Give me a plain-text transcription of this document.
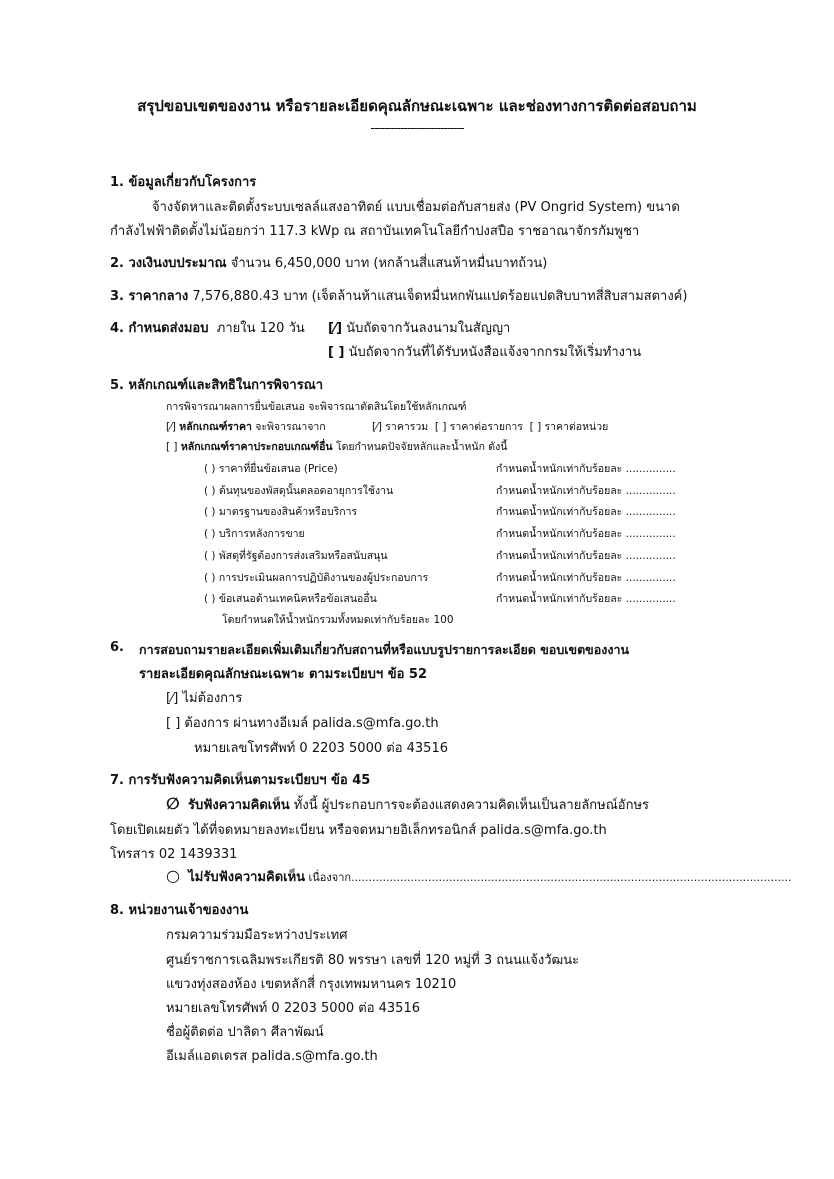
สรุปขอบเขตของงาน หรือรายละเอียดคุณลักษณะเฉพาะ และช่องทางการติดต่อสอบถาม
----------------------------
1. ข้อมูลเกี่ยวกับโครงการ
จ้างจัดหาและติดตั้งระบบเซลล์แสงอาทิตย์ แบบเชื่อมต่อกับสายส่ง (PV Ongrid System) ขนาด
กำลังไฟฟ้าติดตั้งไม่น้อยกว่า 117.3 kWp ณ สถาบันเทคโนโลยีกำปงสปือ ราชอาณาจักรกัมพูชา
2. วงเงินงบประมาณ จำนวน 6,450,000 บาท (หกล้านสี่แสนห้าหมื่นบาทถ้วน)
3. ราคากลาง 7,576,880.43 บาท (เจ็ดล้านห้าแสนเจ็ดหมื่นหกพันแปดร้อยแปดสิบบาทสี่สิบสามสตางค์)
4. กำหนดส่งมอบ ภายใน 120 วัน [⁄] นับถัดจากวันลงนามในสัญญา
[ ] นับถัดจากวันที่ได้รับหนังสือแจ้งจากกรมให้เริ่มทำงาน
5. หลักเกณฑ์และสิทธิในการพิจารณา
การพิจารณาผลการยื่นข้อเสนอ จะพิจารณาตัดสินโดยใช้หลักเกณฑ์
[⁄] หลักเกณฑ์ราคา จะพิจารณาจาก	[⁄] ราคารวม [ ] ราคาต่อรายการ [ ] ราคาต่อหน่วย
[ ] หลักเกณฑ์ราคาประกอบเกณฑ์อื่น โดยกำหนดปัจจัยหลักและน้ำหนัก ดังนี้
( ) ราคาที่ยื่นข้อเสนอ (Price)	กำหนดน้ำหนักเท่ากับร้อยละ ...............
( ) ต้นทุนของพัสดุนั้นตลอดอายุการใช้งาน	กำหนดน้ำหนักเท่ากับร้อยละ ...............
( ) มาตรฐานของสินค้าหรือบริการ	กำหนดน้ำหนักเท่ากับร้อยละ ...............
( ) บริการหลังการขาย	กำหนดน้ำหนักเท่ากับร้อยละ ...............
( ) พัสดุที่รัฐต้องการส่งเสริมหรือสนับสนุน	กำหนดน้ำหนักเท่ากับร้อยละ ...............
( ) การประเมินผลการปฏิบัติงานของผู้ประกอบการ	กำหนดน้ำหนักเท่ากับร้อยละ ...............
( ) ข้อเสนอด้านเทคนิคหรือข้อเสนออื่น	กำหนดน้ำหนักเท่ากับร้อยละ ...............
โดยกำหนดให้น้ำหนักรวมทั้งหมดเท่ากับร้อยละ 100
6. การสอบถามรายละเอียดเพิ่มเติมเกี่ยวกับสถานที่หรือแบบรูปรายการละเอียด ขอบเขตของงาน
รายละเอียดคุณลักษณะเฉพาะ ตามระเบียบฯ ข้อ 52
[⁄] ไม่ต้องการ
[ ] ต้องการ ผ่านทางอีเมล์ palida.s@mfa.go.th
หมายเลขโทรศัพท์ 0 2203 5000 ต่อ 43516
7. การรับฟังความคิดเห็นตามระเบียบฯ ข้อ 45
∅ รับฟังความคิดเห็น ทั้งนี้ ผู้ประกอบการจะต้องแสดงความคิดเห็นเป็นลายลักษณ์อักษร
โดยเปิดเผยตัว ได้ที่จดหมายลงทะเบียน หรือจดหมายอิเล็กทรอนิกส์ palida.s@mfa.go.th
โทรสาร 02 1439331
○ ไม่รับฟังความคิดเห็น เนื่องจาก..............................................................................................................................
8. หน่วยงานเจ้าของงาน
กรมความร่วมมือระหว่างประเทศ
ศูนย์ราชการเฉลิมพระเกียรติ 80 พรรษา เลขที่ 120 หมู่ที่ 3 ถนนแจ้งวัฒนะ
แขวงทุ่งสองห้อง เขตหลักสี่ กรุงเทพมหานคร 10210
หมายเลขโทรศัพท์ 0 2203 5000 ต่อ 43516
ชื่อผู้ติดต่อ ปาลิดา ศีลาพัฒน์
อีเมล์แอดเดรส palida.s@mfa.go.th
